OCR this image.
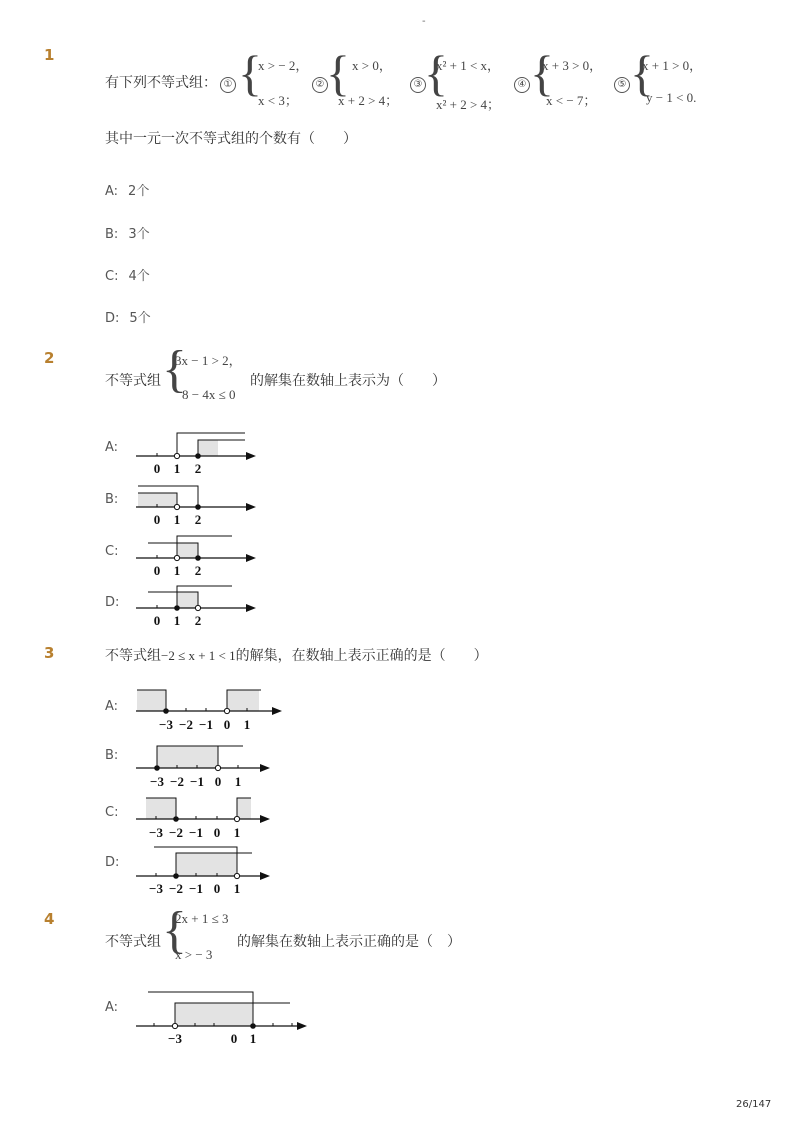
-
1
有下列不等式组： ① {
x > − 2，
x < 3；
② { x > 0，
x + 2 > 4；
③ {
x² + 1 < x，
x² + 2 > 4；
④ {
x + 3 > 0，
x < − 7；
⑤ {
x + 1 > 0，
y − 1 < 0.
其中一元一次不等式组的个数有（　　）
A: 2个
B: 3个
C: 4个
D: 5个
2
不等式组 {
3x − 1 > 2，
8 − 4x ≤ 0
的解集在数轴上表示为（　　）
A:
0 1 2
B:
0 1 2
C:
0 1 2
D:
0 1 2
3	不等式组−2 ≤ x + 1 < 1的解集，在数轴上表示正确的是（　　）
A:
−3 −2 −1 0 1
B:
−3 −2 −1 0 1
C:
−3 −2 −1 0 1
D:
−3 −2 −1 0 1
4
不等式组 {
2x + 1 ≤ 3
x > − 3
的解集在数轴上表示正确的是（　）
A:
−3	0 1
26/147
